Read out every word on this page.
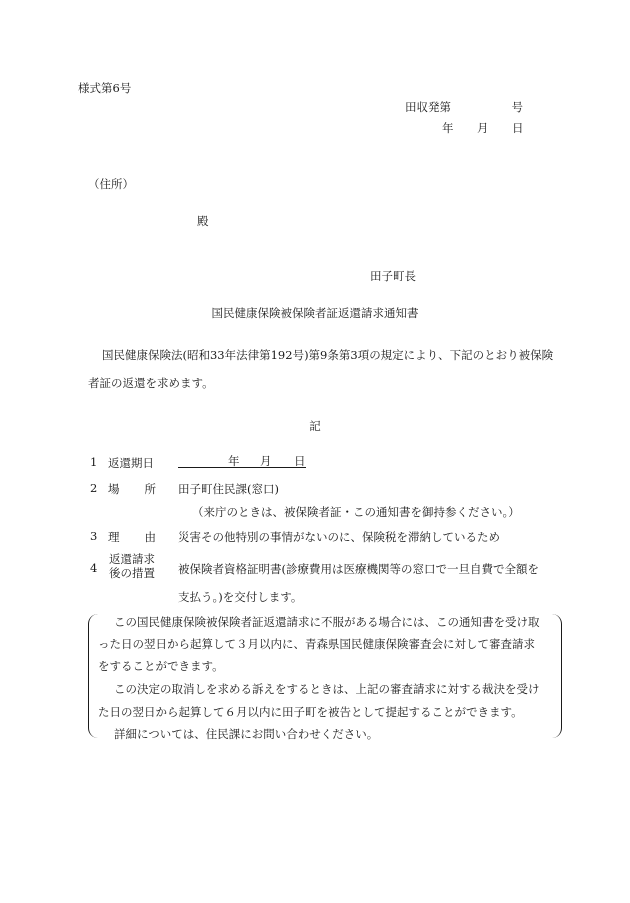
様式第6号
田収発第	号
年 月 日
（住所）
殿
田子町長
国民健康保険被保険者証返還請求通知書
国民健康保険法(昭和33年法律第192号)第9条第3項の規定により、下記のとおり被保険
者証の返還を求めます。
記
1 返還期日	年 月 日
2 場所 田子町住民課(窓口)
（来庁のときは、被保険者証・この通知書を御持参ください。）
3 理由 災害その他特別の事情がないのに、保険税を滞納しているため
4
返還請求
後の措置 被保険者資格証明書(診療費用は医療機関等の窓口で一旦自費で全額を
支払う。)を交付します。
この国民健康保険被保険者証返還請求に不服がある場合には、この通知書を受け取
った日の翌日から起算して３月以内に、青森県国民健康保険審査会に対して審査請求
をすることができます。
この決定の取消しを求める訴えをするときは、上記の審査請求に対する裁決を受け
た日の翌日から起算して６月以内に田子町を被告として提起することができます。
詳細については、住民課にお問い合わせください。
